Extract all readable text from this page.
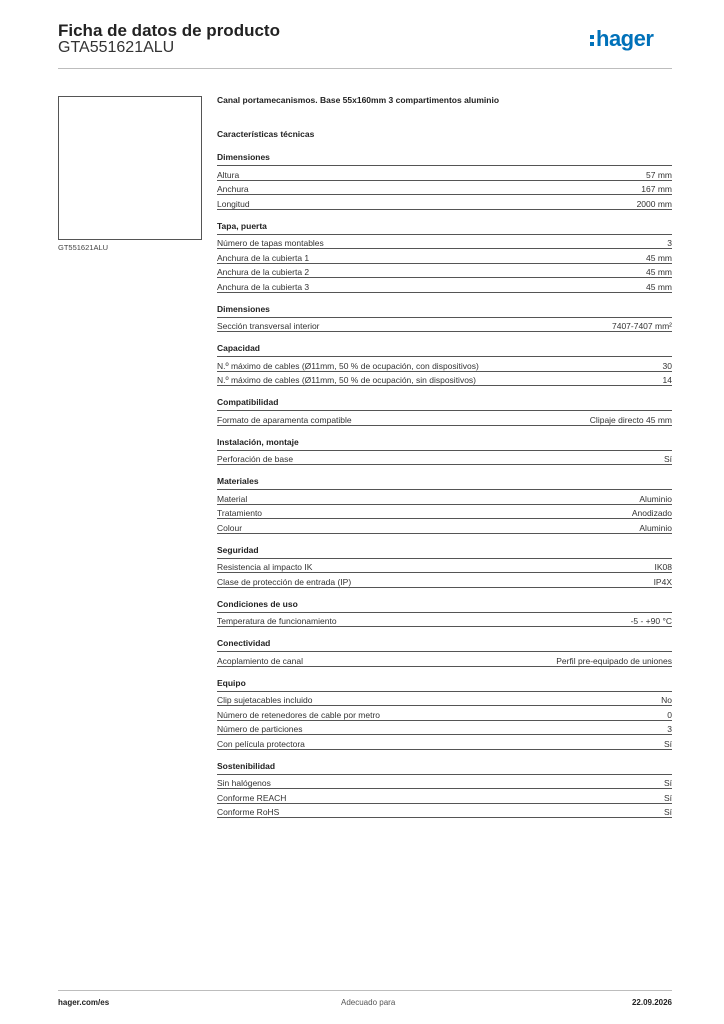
Ficha de datos de producto
GTA551621ALU	hager
GT551621ALU
Canal portamecanismos. Base 55x160mm 3 compartimentos aluminio
Características técnicas
Dimensiones
Altura	57 mm
Anchura	167 mm
Longitud	2000 mm
Tapa, puerta
Número de tapas montables	3
Anchura de la cubierta 1	45 mm
Anchura de la cubierta 2	45 mm
Anchura de la cubierta 3	45 mm
Dimensiones
Sección transversal interior	7407-7407 mm²
Capacidad
N.º máximo de cables (Ø11mm, 50 % de ocupación, con dispositivos)	30
N.º máximo de cables (Ø11mm, 50 % de ocupación, sin dispositivos)	14
Compatibilidad
Formato de aparamenta compatible	Clipaje directo 45 mm
Instalación, montaje
Perforación de base	Sí
Materiales
Material	Aluminio
Tratamiento	Anodizado
Colour	Aluminio
Seguridad
Resistencia al impacto IK	IK08
Clase de protección de entrada (IP)	IP4X
Condiciones de uso
Temperatura de funcionamiento	-5 - +90 °C
Conectividad
Acoplamiento de canal	Perfil pre-equipado de uniones
Equipo
Clip sujetacables incluido	No
Número de retenedores de cable por metro	0
Número de particiones	3
Con película protectora	Sí
Sostenibilidad
Sin halógenos	Sí
Conforme REACH	Sí
Conforme RoHS	Sí
hager.com/es	Adecuado para	22.09.2026
